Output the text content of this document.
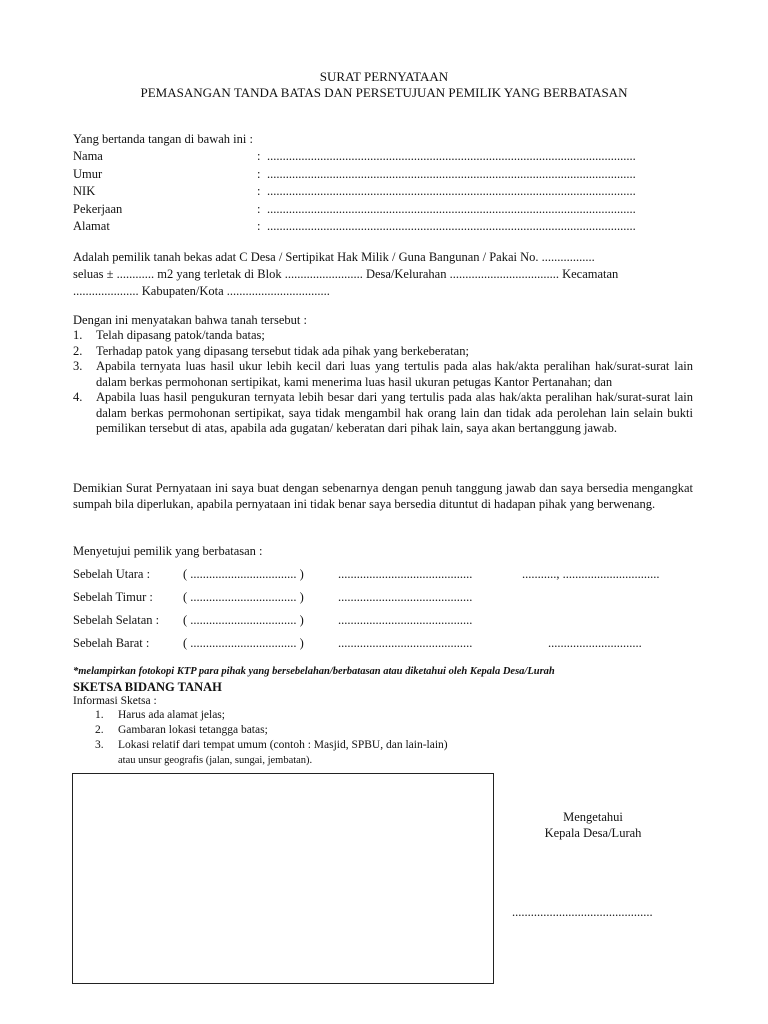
SURAT PERNYATAAN
PEMASANGAN TANDA BATAS DAN PERSETUJUAN PEMILIK YANG BERBATASAN
Yang bertanda tangan di bawah ini :
Nama	: ......................................................................................................................
Umur	: ......................................................................................................................
NIK	: ......................................................................................................................
Pekerjaan	: ......................................................................................................................
Alamat	: ......................................................................................................................
Adalah pemilik tanah bekas adat C Desa / Sertipikat Hak Milik / Guna Bangunan / Pakai No. .................
seluas ± ............ m2 yang terletak di Blok ......................... Desa/Kelurahan ................................... Kecamatan
..................... Kabupaten/Kota .................................
Dengan ini menyatakan bahwa tanah tersebut :
1. Telah dipasang patok/tanda batas;
2. Terhadap patok yang dipasang tersebut tidak ada pihak yang berkeberatan;
3. Apabila ternyata luas hasil ukur lebih kecil dari luas yang tertulis pada alas hak/akta peralihan hak/surat-surat lain dalam berkas permohonan sertipikat, kami menerima luas hasil ukuran petugas Kantor Pertanahan; dan
4. Apabila luas hasil pengukuran ternyata lebih besar dari yang tertulis pada alas hak/akta peralihan hak/surat-surat lain dalam berkas permohonan sertipikat, saya tidak mengambil hak orang lain dan tidak ada perolehan lain selain bukti pemilikan tersebut di atas, apabila ada gugatan/ keberatan dari pihak lain, saya akan bertanggung jawab.
Demikian Surat Pernyataan ini saya buat dengan sebenarnya dengan penuh tanggung jawab dan saya bersedia mengangkat sumpah bila diperlukan, apabila pernyataan ini tidak benar saya bersedia dituntut di hadapan pihak yang berwenang.
Menyetujui pemilik yang berbatasan :
Sebelah Utara :	( .................................. )	...........................................	..........., ...............................
Sebelah Timur : ( .................................. )	...........................................
Sebelah Selatan : ( .................................. )	...........................................
Sebelah Barat :	( .................................. )	...........................................	..............................
*melampirkan fotokopi KTP para pihak yang bersebelahan/berbatasan atau diketahui oleh Kepala Desa/Lurah
SKETSA BIDANG TANAH
Informasi Sketsa :
1. Harus ada alamat jelas;
2. Gambaran lokasi tetangga batas;
3. Lokasi relatif dari tempat umum (contoh : Masjid, SPBU, dan lain-lain)
atau unsur geografis (jalan, sungai, jembatan).
Mengetahui
Kepala Desa/Lurah
.............................................
